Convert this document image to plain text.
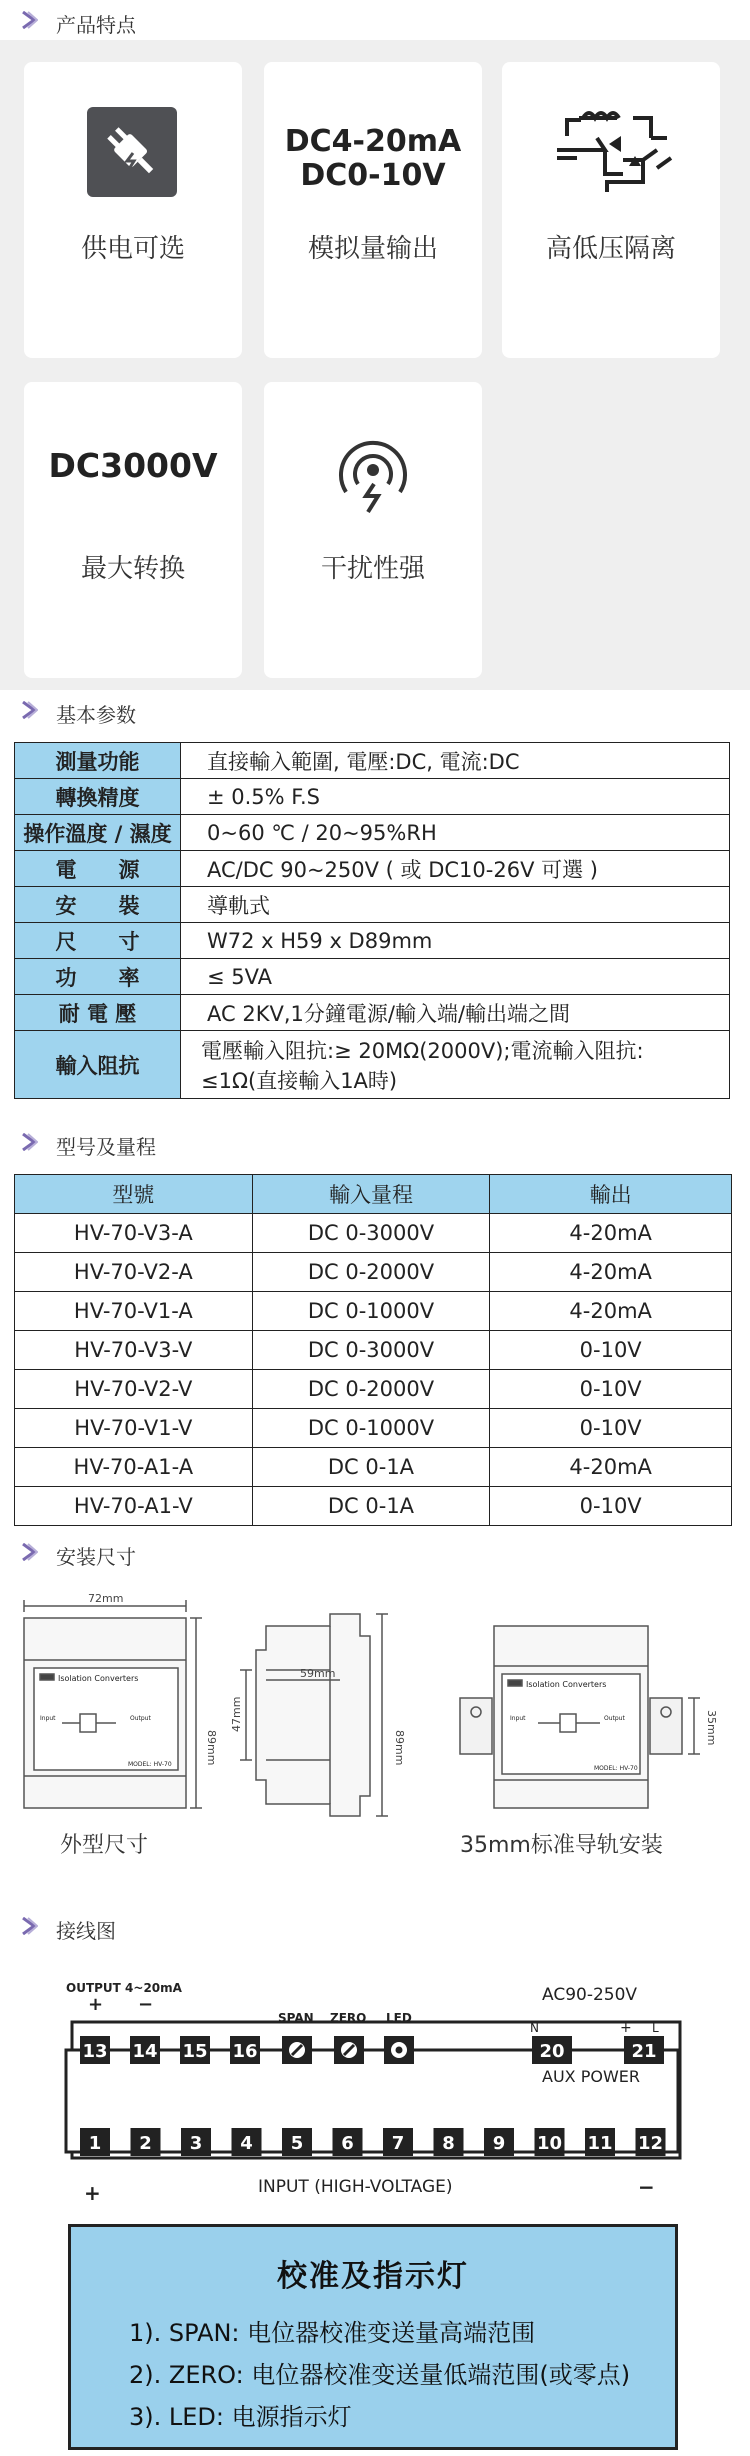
产品特点
供电可选
DC4-20mA
DC0-10V
模拟量输出	高低压隔离
DC3000V
最大转换	干扰性强
基本参数
測量功能	直接輸入範圍, 電壓:DC, 電流:DC
轉換精度	± 0.5% F.S
操作溫度 / 濕度	0~60 ℃ / 20~95%RH
電　　源	AC/DC 90~250V ( 或 DC10-26V 可選 )
安　　裝	導軌式
尺　　寸	W72 x H59 x D89mm
功　　率	≤ 5VA
耐 電 壓	AC 2KV,1分鐘電源/輸入端/輸出端之間
輸入阻抗	電壓輸入阻抗:≥ 20MΩ(2000V);電流輸入阻抗:
≤1Ω(直接輸入1A時)
型号及量程
型號	輸入量程	輸出
HV-70-V3-A	DC 0-3000V	4-20mA
HV-70-V2-A	DC 0-2000V	4-20mA
HV-70-V1-A	DC 0-1000V	4-20mA
HV-70-V3-V	DC 0-3000V	0-10V
HV-70-V2-V	DC 0-2000V	0-10V
HV-70-V1-V	DC 0-1000V	0-10V
HV-70-A1-A	DC 0-1A	4-20mA
HV-70-A1-V	DC 0-1A	0-10V
安装尺寸
72mm
89mm
59mm
47mm
89mm
35mm
Isolation Converters
Isolation Converters
Input	Output	Input	Output
MODEL: HV-70
MODEL: HV-70
外型尺寸	35mm标准导轨安装
接线图
OUTPUT 4~20mA
+ −
SPAN ZERO LED
AC90-250V
N	+ L
AUX POWER
INPUT (HIGH-VOLTAGE)
+	−
13 14 15 16	20	21
1 2 3 4 5 6 7 8 9 10 11 12
校准及指示灯
1). SPAN: 电位器校准变送量高端范围
2). ZERO: 电位器校准变送量低端范围(或零点)
3). LED: 电源指示灯
